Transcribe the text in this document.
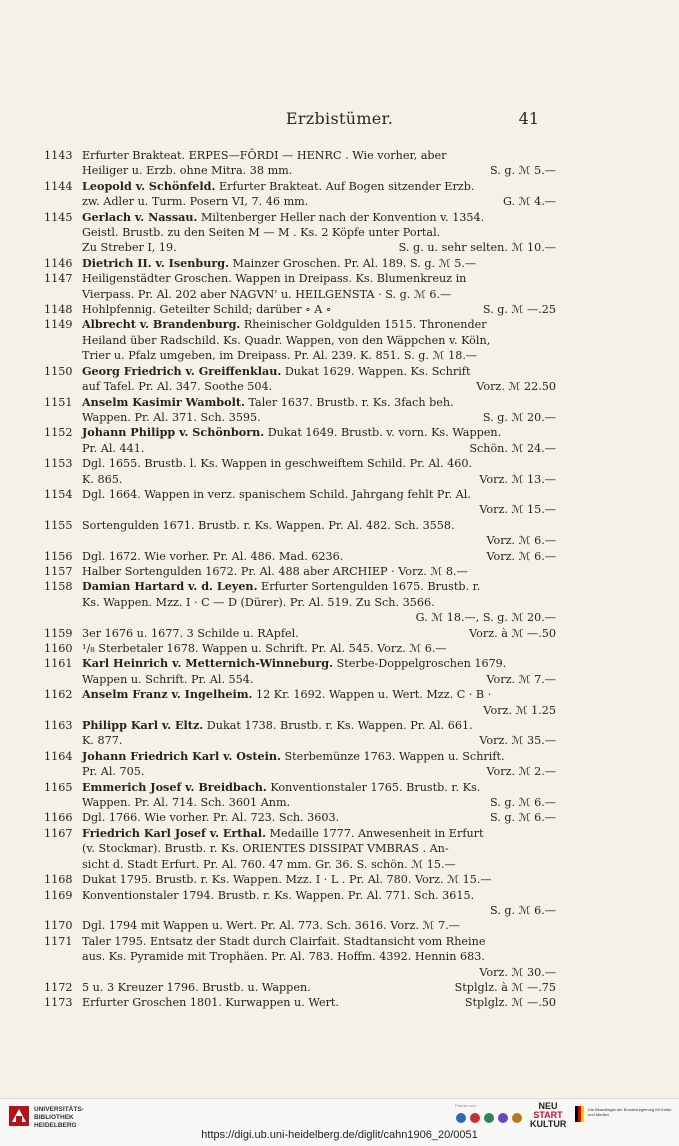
Erzbistümer.	41
1143 Erfurter Brakteat. ERPES—FŌRDI — HENRC . Wie vorher, aber
Heiliger u. Erzb. ohne Mitra. 38 mm.	S. g. ℳ 5.—
1144 Leopold v. Schönfeld. Erfurter Brakteat. Auf Bogen sitzender Erzb.
zw. Adler u. Turm. Posern VI, 7. 46 mm.	G. ℳ 4.—
1145 Gerlach v. Nassau. Miltenberger Heller nach der Konvention v. 1354.
Geistl. Brustb. zu den Seiten M — M . Ks. 2 Köpfe unter Portal.
Zu Streber I, 19.	S. g. u. sehr selten. ℳ 10.—
1146 Dietrich II. v. Isenburg. Mainzer Groschen. Pr. Al. 189. S. g. ℳ 5.—
1147 Heiligenstädter Groschen. Wappen in Dreipass. Ks. Blumenkreuz in
Vierpass. Pr. Al. 202 aber NAGVN' u. HEILGENSTA · S. g. ℳ 6.—
1148 Hohlpfennig. Geteilter Schild; darüber ∘ A ∘	S. g. ℳ —.25
1149 Albrecht v. Brandenburg. Rheinischer Goldgulden 1515. Thronender
Heiland über Radschild. Ks. Quadr. Wappen, von den Wäppchen v. Köln,
Trier u. Pfalz umgeben, im Dreipass. Pr. Al. 239. K. 851. S. g. ℳ 18.—
1150 Georg Friedrich v. Greiffenklau. Dukat 1629. Wappen. Ks. Schrift
auf Tafel. Pr. Al. 347. Soothe 504.	Vorz. ℳ 22.50
1151 Anselm Kasimir Wambolt. Taler 1637. Brustb. r. Ks. 3fach beh.
Wappen. Pr. Al. 371. Sch. 3595.	S. g. ℳ 20.—
1152 Johann Philipp v. Schönborn. Dukat 1649. Brustb. v. vorn. Ks. Wappen.
Pr. Al. 441.	Schön. ℳ 24.—
1153 Dgl. 1655. Brustb. l. Ks. Wappen in geschweiftem Schild. Pr. Al. 460.
K. 865.	Vorz. ℳ 13.—
1154 Dgl. 1664. Wappen in verz. spanischem Schild. Jahrgang fehlt Pr. Al.
Vorz. ℳ 15.—
1155 Sortengulden 1671. Brustb. r. Ks. Wappen. Pr. Al. 482. Sch. 3558.
Vorz. ℳ 6.—
1156 Dgl. 1672. Wie vorher. Pr. Al. 486. Mad. 6236.	Vorz. ℳ 6.—
1157 Halber Sortengulden 1672. Pr. Al. 488 aber ARCHIEP · Vorz. ℳ 8.—
1158 Damian Hartard v. d. Leyen. Erfurter Sortengulden 1675. Brustb. r.
Ks. Wappen. Mzz. I · C — D (Dürer). Pr. Al. 519. Zu Sch. 3566.
G. ℳ 18.—, S. g. ℳ 20.—
1159 3er 1676 u. 1677. 3 Schilde u. RApfel.	Vorz. à ℳ —.50
1160 ¹/₈ Sterbetaler 1678. Wappen u. Schrift. Pr. Al. 545. Vorz. ℳ 6.—
1161 Karl Heinrich v. Metternich-Winneburg. Sterbe-Doppelgroschen 1679.
Wappen u. Schrift. Pr. Al. 554.	Vorz. ℳ 7.—
1162 Anselm Franz v. Ingelheim. 12 Kr. 1692. Wappen u. Wert. Mzz. C · B ·
Vorz. ℳ 1.25
1163 Philipp Karl v. Eltz. Dukat 1738. Brustb. r. Ks. Wappen. Pr. Al. 661.
K. 877.	Vorz. ℳ 35.—
1164 Johann Friedrich Karl v. Ostein. Sterbemünze 1763. Wappen u. Schrift.
Pr. Al. 705.	Vorz. ℳ 2.—
1165 Emmerich Josef v. Breidbach. Konventionstaler 1765. Brustb. r. Ks.
Wappen. Pr. Al. 714. Sch. 3601 Anm.	S. g. ℳ 6.—
1166 Dgl. 1766. Wie vorher. Pr. Al. 723. Sch. 3603.	S. g. ℳ 6.—
1167 Friedrich Karl Josef v. Erthal. Medaille 1777. Anwesenheit in Erfurt
(v. Stockmar). Brustb. r. Ks. ORIENTES DISSIPAT VMBRAS . An-
sicht d. Stadt Erfurt. Pr. Al. 760. 47 mm. Gr. 36. S. schön. ℳ 15.—
1168 Dukat 1795. Brustb. r. Ks. Wappen. Mzz. I · L . Pr. Al. 780. Vorz. ℳ 15.—
1169 Konventionstaler 1794. Brustb. r. Ks. Wappen. Pr. Al. 771. Sch. 3615.
S. g. ℳ 6.—
1170 Dgl. 1794 mit Wappen u. Wert. Pr. Al. 773. Sch. 3616. Vorz. ℳ 7.—
1171 Taler 1795. Entsatz der Stadt durch Clairfait. Stadtansicht vom Rheine
aus. Ks. Pyramide mit Trophäen. Pr. Al. 783. Hoffm. 4392. Hennin 683.
Vorz. ℳ 30.—
1172 5 u. 3 Kreuzer 1796. Brustb. u. Wappen.	Stplglz. à ℳ —.75
1173 Erfurter Groschen 1801. Kurwappen u. Wert.	Stplglz. ℳ —.50
UNIVERSITÄTS-
BIBLIOTHEK
HEIDELBERG
Partner von	NEU
START
KULTUR
Die Beauftragte der Bundesregierung für Kultur und Medien
https://digi.ub.uni-heidelberg.de/diglit/cahn1906_20/0051
